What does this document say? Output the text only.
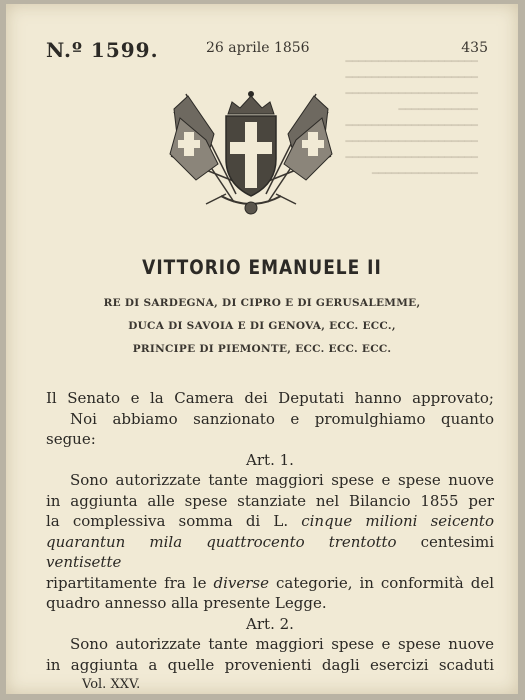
━━━━━━━━━━━━━━━━━━━━
━━━━━━━━━━━━━━━━━━━━
━━━━━━━━━━━━━━━━━━━━
━━━━━━━━━━━━
━━━━━━━━━━━━━━━━━━━━
━━━━━━━━━━━━━━━━━━━━
━━━━━━━━━━━━━━━━━━━━
━━━━━━━━━━━━━━━━
N.º 1599.	26 aprile 1856	435
VITTORIO EMANUELE II
RE DI SARDEGNA, DI CIPRO E DI GERUSALEMME,
DUCA DI SAVOIA E DI GENOVA, ECC. ECC.,
PRINCIPE DI PIEMONTE, ECC. ECC. ECC.

Il Senato e la Camera dei Deputati hanno approvato;

Noi abbiamo sanzionato e promulghiamo quanto segue:

Art. 1.

Sono autorizzate tante maggiori spese e spese nuove

in aggiunta alle spese stanziate nel Bilancio 1855 per

la complessiva somma di L. cinque milioni seicento

quarantun mila quattrocento trentotto centesimi ventisette

ripartitamente fra le diverse categorie, in conformità del

quadro annesso alla presente Legge.

Art. 2.

Sono autorizzate tante maggiori spese e spese nuove

in aggiunta a quelle provenienti dagli esercizi scaduti

Vol. XXV.
